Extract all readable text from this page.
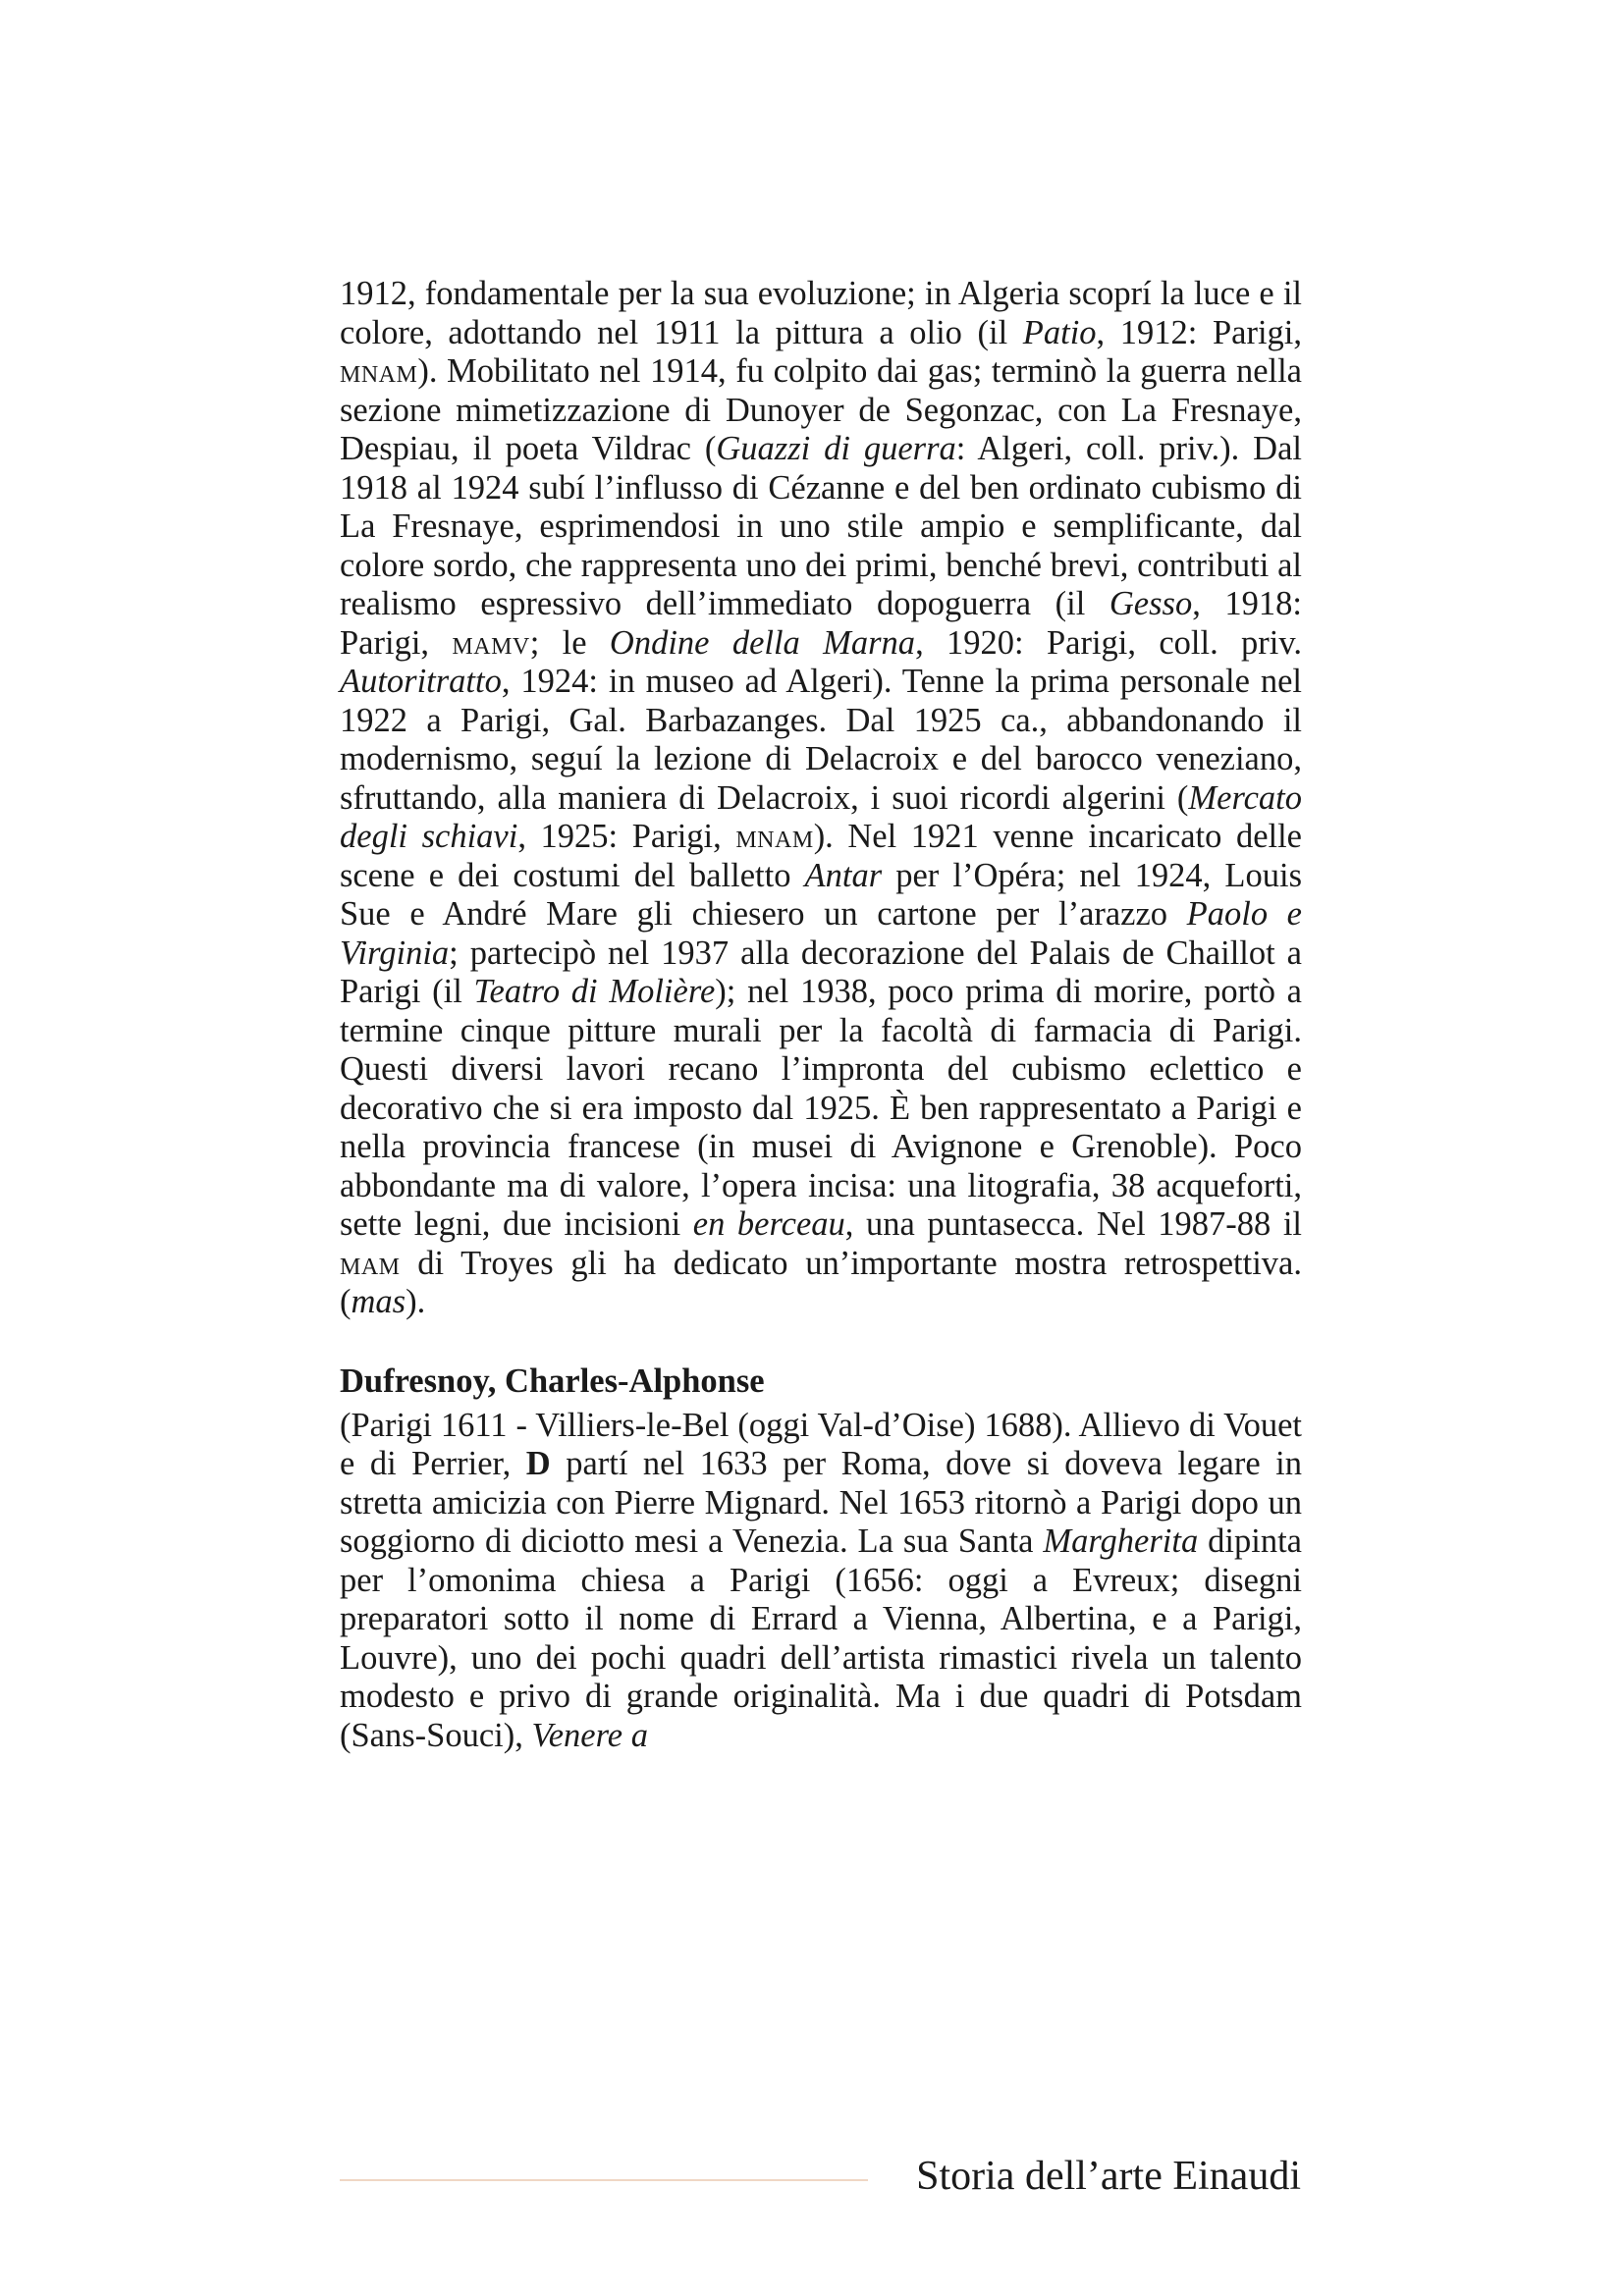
1912, fondamentale per la sua evoluzione; in Algeria scoprí la luce e il colore, adottando nel 1911 la pittura a olio (il Patio, 1912: Parigi, mnam). Mobilitato nel 1914, fu colpito dai gas; terminò la guerra nella sezione mimetizzazione di Dunoyer de Segonzac, con La Fresnaye, Despiau, il poeta Vildrac (Guazzi di guerra: Algeri, coll. priv.). Dal 1918 al 1924 subí l’influsso di Cézanne e del ben ordinato cubismo di La Fresnaye, esprimendosi in uno stile ampio e semplificante, dal colore sordo, che rappresenta uno dei primi, benché brevi, contributi al realismo espressivo dell’immediato dopoguerra (il Gesso, 1918: Parigi, mamv; le Ondine della Marna, 1920: Parigi, coll. priv. Autoritratto, 1924: in museo ad Algeri). Tenne la prima personale nel 1922 a Parigi, Gal. Barbazanges. Dal 1925 ca., abbandonando il modernismo, seguí la lezione di Delacroix e del barocco veneziano, sfruttando, alla maniera di Delacroix, i suoi ricordi algerini (Mercato degli schiavi, 1925: Parigi, mnam). Nel 1921 venne incaricato delle scene e dei costumi del balletto Antar per l’Opéra; nel 1924, Louis Sue e André Mare gli chiesero un cartone per l’arazzo Paolo e Virginia; partecipò nel 1937 alla decorazione del Palais de Chaillot a Parigi (il Teatro di Molière); nel 1938, poco prima di morire, portò a termine cinque pitture murali per la facoltà di farmacia di Parigi. Questi diversi lavori recano l’impronta del cubismo eclettico e decorativo che si era imposto dal 1925. È ben rappresentato a Parigi e nella provincia francese (in musei di Avignone e Grenoble). Poco abbondante ma di valore, l’opera incisa: una litografia, 38 acqueforti, sette legni, due incisioni en berceau, una puntasecca. Nel 1987-88 il mam di Troyes gli ha dedicato un’importante mostra retrospettiva. (mas).

Dufresnoy, Charles-Alphonse

(Parigi 1611 - Villiers-le-Bel (oggi Val-d’Oise) 1688). Allievo di Vouet e di Perrier, D partí nel 1633 per Roma, dove si doveva legare in stretta amicizia con Pierre Mignard. Nel 1653 ritornò a Parigi dopo un soggiorno di diciotto mesi a Venezia. La sua Santa Margherita dipinta per l’omonima chiesa a Parigi (1656: oggi a Evreux; disegni preparatori sotto il nome di Errard a Vienna, Albertina, e a Parigi, Louvre), uno dei pochi quadri dell’artista rimastici rivela un talento modesto e privo di grande originalità. Ma i due quadri di Potsdam (Sans-Souci), Venere a

Storia dell’arte Einaudi
